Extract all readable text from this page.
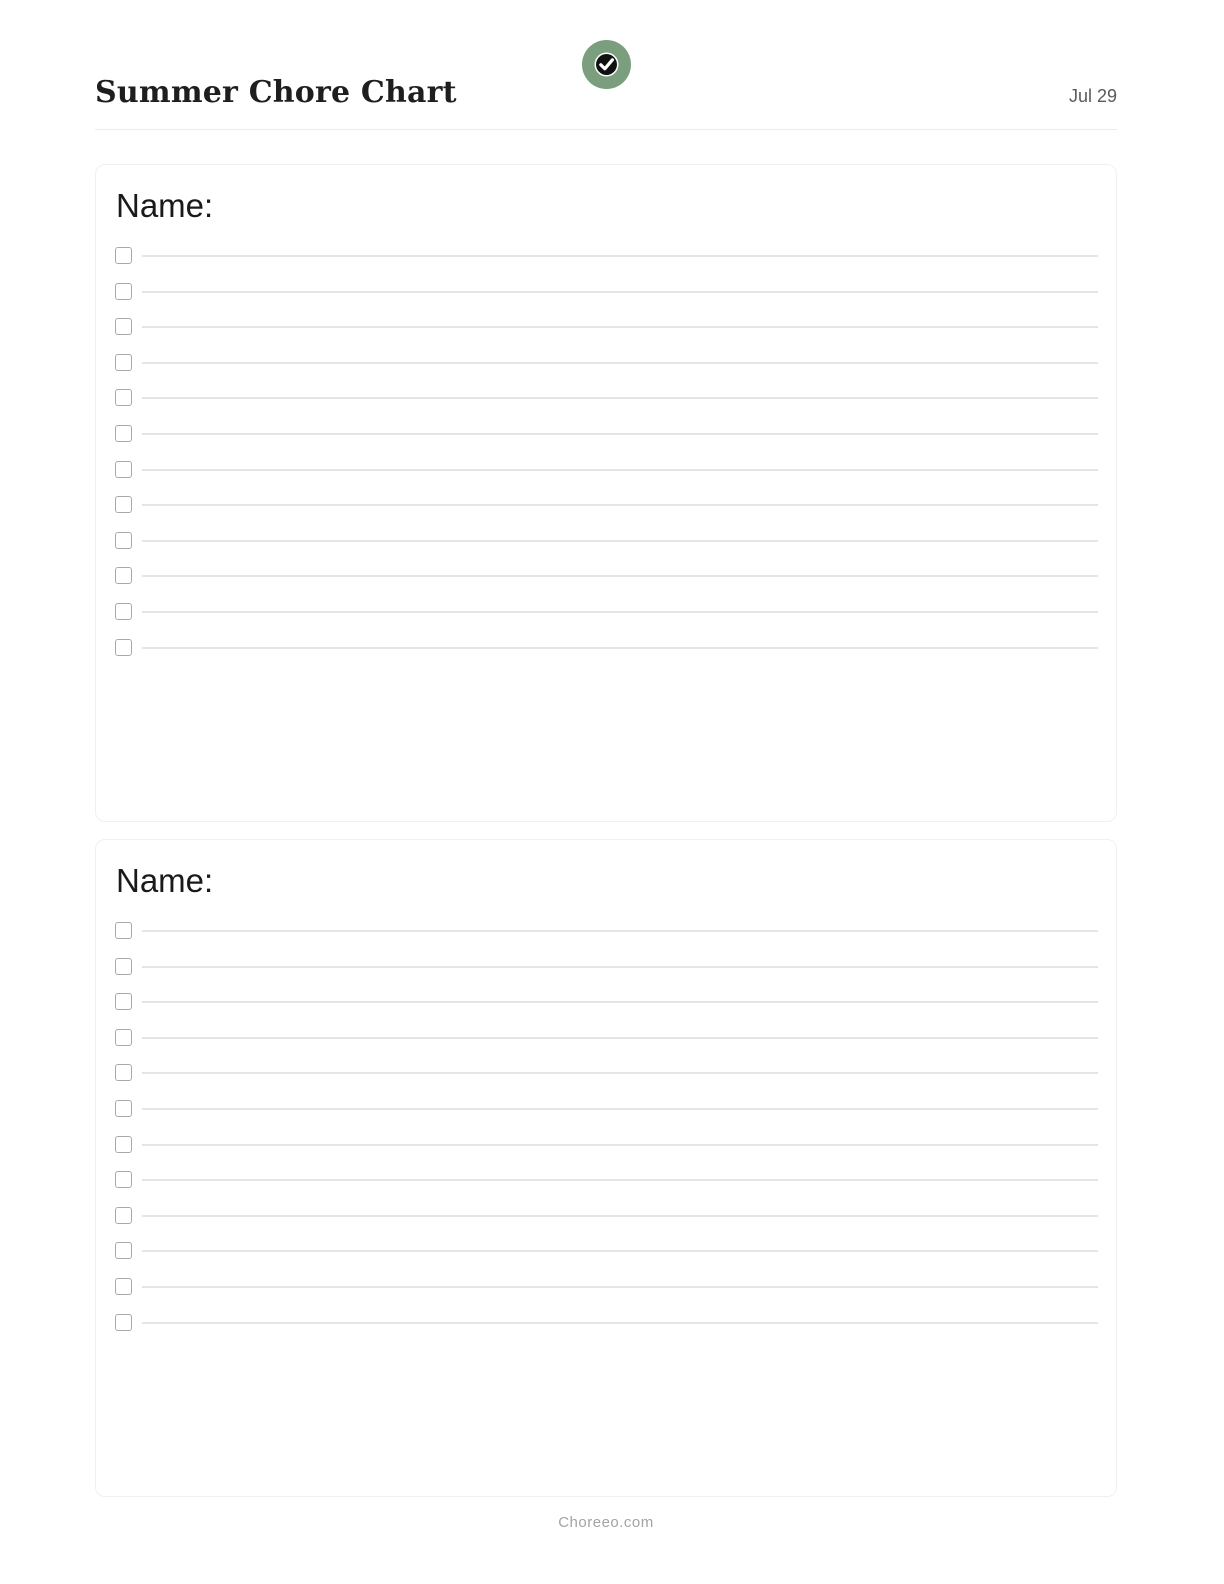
Summer Chore Chart	Jul 29
Name:
Name:
Choreeo.com
